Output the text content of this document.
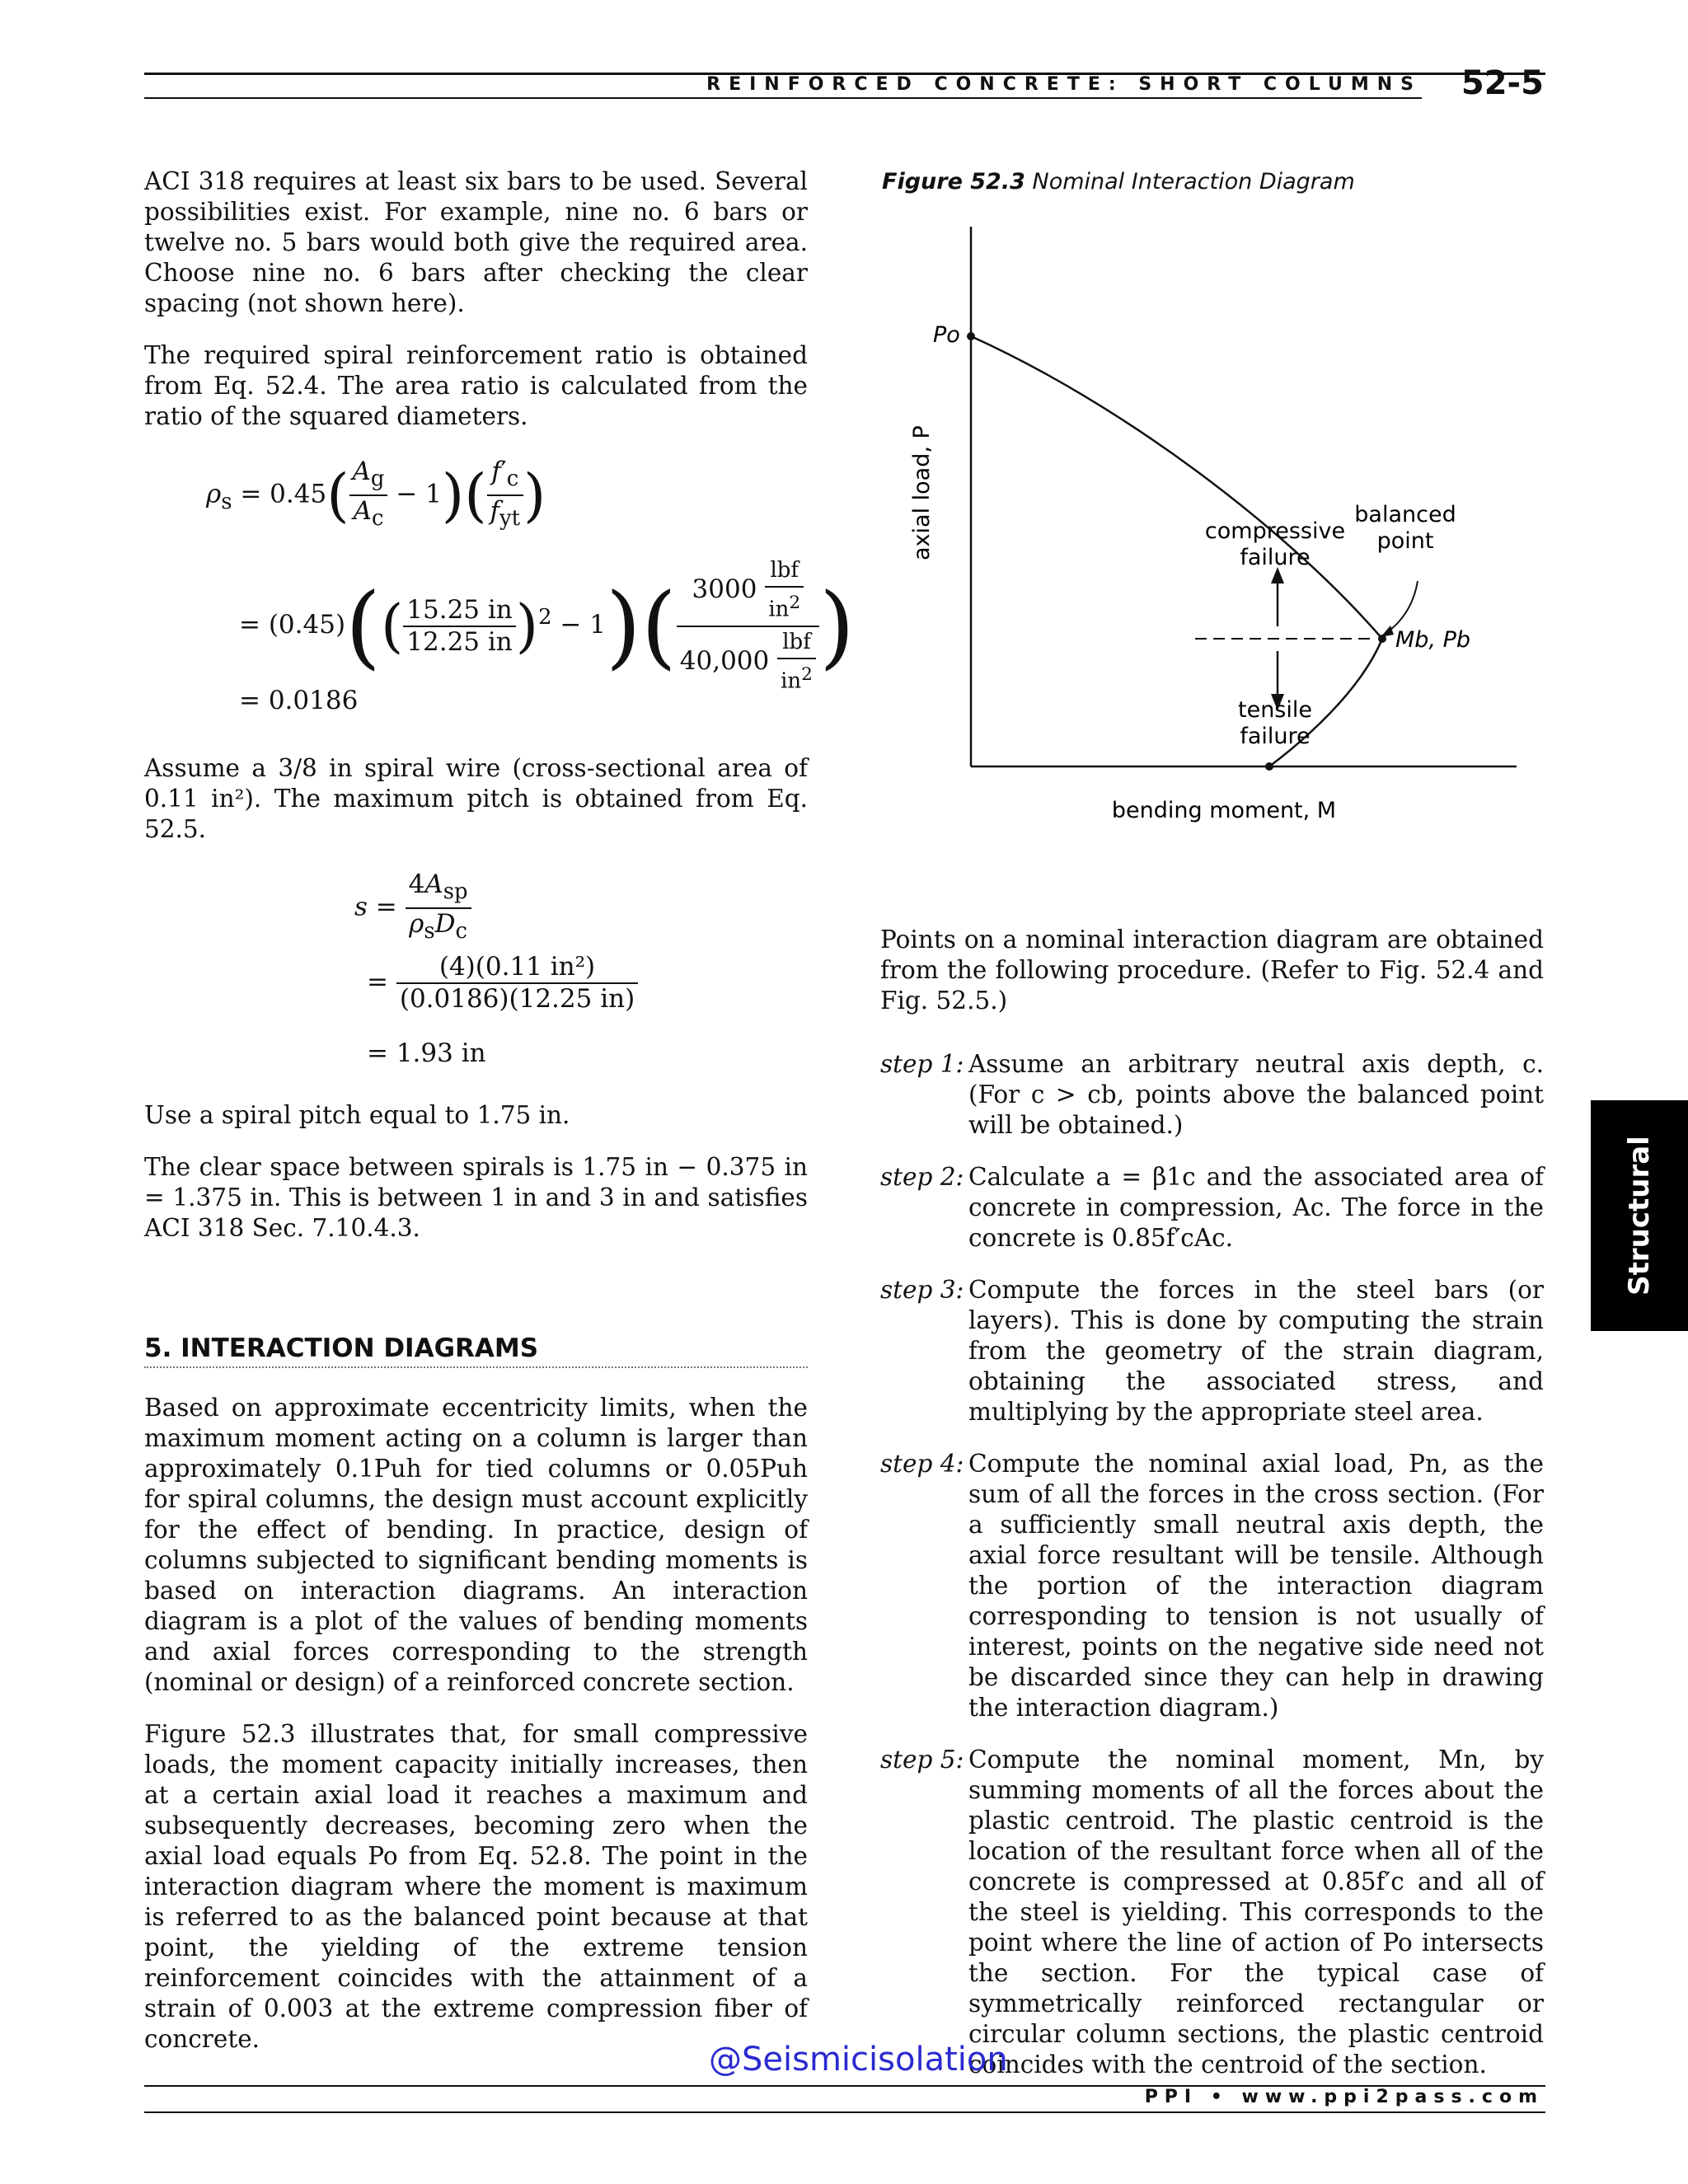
REINFORCED CONCRETE: SHORT COLUMNS 52-5
Structural

ACI 318 requires at least six bars to be used. Several possibilities exist. For example, nine no. 6 bars or twelve no. 5 bars would both give the required area. Choose nine no. 6 bars after checking the clear spacing (not shown here).

The required spiral reinforcement ratio is obtained from Eq. 52.4. The area ratio is calculated from the ratio of the squared diameters.

$\rho_s = 0.45( \frac{A_g}{A_c} - 1)( \frac{f'_c}{f_{yt}}$ )
= $(0.45)(( \frac{15.25 in}{12.25 in} )^2 - 1)( \frac{3000 \frac{\text{lbf}}{in^2}}{40,000 \frac{\text{lbf}}{in^2}}$ )
= 0.0186

Assume a 3/8 in spiral wire (cross-sectional area of 0.11 in²). The maximum pitch is obtained from Eq. 52.5.

$s = \frac{4A_{sp}}{\rho_sD_c}$
= $\frac{\text{(4)(0.11 in²)}}{(0.0186)(12.25 in)}$
= 1.93 in

Use a spiral pitch equal to 1.75 in.

The clear space between spirals is 1.75 in − 0.375 in = 1.375 in. This is between 1 in and 3 in and satisfies ACI 318 Sec. 7.10.4.3.

5. INTERACTION DIAGRAMS

Based on approximate eccentricity limits, when the maximum moment acting on a column is larger than approximately 0.1Puh for tied columns or 0.05Puh for spiral columns, the design must account explicitly for the effect of bending. In practice, design of columns subjected to significant bending moments is based on interaction diagrams. An interaction diagram is a plot of the values of bending moments and axial forces corresponding to the strength (nominal or design) of a reinforced concrete section.

Figure 52.3 illustrates that, for small compressive loads, the moment capacity initially increases, then at a certain axial load it reaches a maximum and subsequently decreases, becoming zero when the axial load equals Po from Eq. 52.8. The point in the interaction diagram where the moment is maximum is referred to as the balanced point because at that point, the yielding of the extreme tension reinforcement coincides with the attainment of a strain of 0.003 at the extreme compression fiber of concrete.

Figure 52.3 Nominal Interaction Diagram
Po
axial load, P	compressive
failure
balanced
point
Mb, Pb
tensile
failure
bending moment, M

Points on a nominal interaction diagram are obtained from the following procedure. (Refer to Fig. 52.4 and Fig. 52.5.)

step 1: Assume an arbitrary neutral axis depth, c. (For c > cb, points above the balanced point will be obtained.)
step 2: Calculate a = β1c and the associated area of concrete in compression, Ac. The force in the concrete is 0.85f′cAc.
step 3: Compute the forces in the steel bars (or layers). This is done by computing the strain from the geometry of the strain diagram, obtaining the associated stress, and multiplying by the appropriate steel area.
step 4: Compute the nominal axial load, Pn, as the sum of all the forces in the cross section. (For a sufficiently small neutral axis depth, the axial force resultant will be tensile. Although the portion of the interaction diagram corresponding to tension is not usually of interest, points on the negative side need not be discarded since they can help in drawing the interaction diagram.)
step 5: Compute the nominal moment, Mn, by summing moments of all the forces about the plastic centroid. The plastic centroid is the location of the resultant force when all of the concrete is compressed at 0.85f′c and all of the steel is yielding. This corresponds to the point where the line of action of Po intersects the section. For the typical case of symmetrically reinforced rectangular or circular column sections, the plastic centroid coincides with the centroid of the section.
@Seismicisolation
PPI • www.ppi2pass.com
